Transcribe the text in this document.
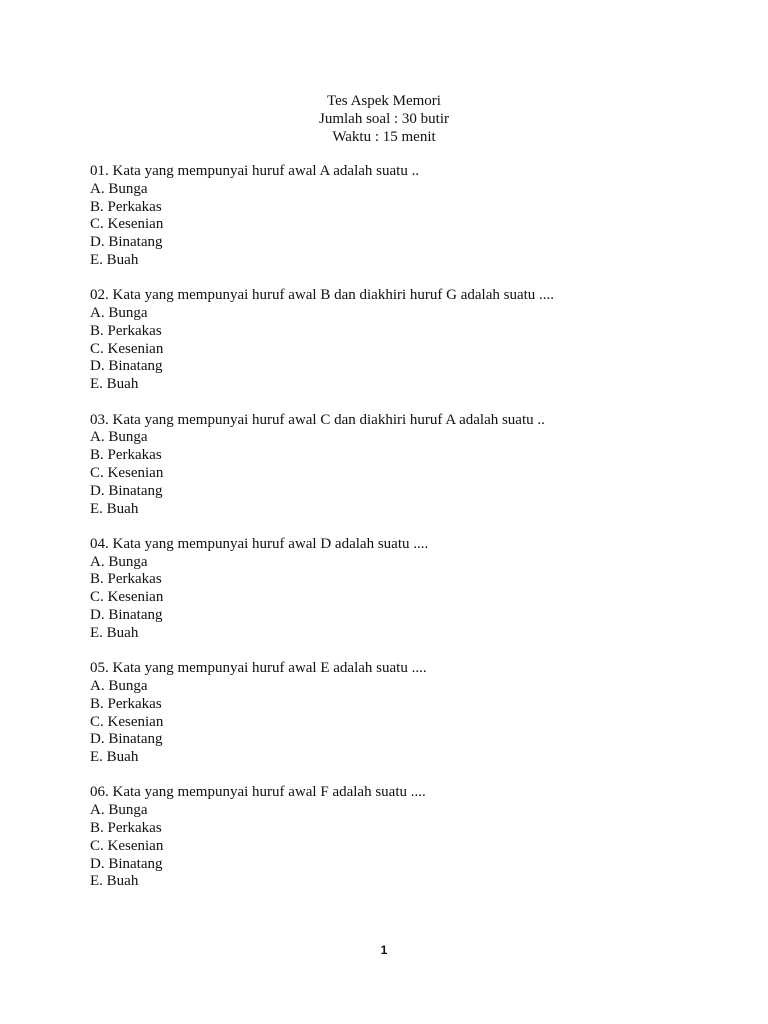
Tes Aspek Memori
Jumlah soal : 30 butir
Waktu : 15 menit
01. Kata yang mempunyai huruf awal A adalah suatu ..
A. Bunga
B. Perkakas
C. Kesenian
D. Binatang
E. Buah
02. Kata yang mempunyai huruf awal B dan diakhiri huruf G adalah suatu ....
A. Bunga
B. Perkakas
C. Kesenian
D. Binatang
E. Buah
03. Kata yang mempunyai huruf awal C dan diakhiri huruf A adalah suatu ..
A. Bunga
B. Perkakas
C. Kesenian
D. Binatang
E. Buah
04. Kata yang mempunyai huruf awal D adalah suatu ....
A. Bunga
B. Perkakas
C. Kesenian
D. Binatang
E. Buah
05. Kata yang mempunyai huruf awal E adalah suatu ....
A. Bunga
B. Perkakas
C. Kesenian
D. Binatang
E. Buah
06. Kata yang mempunyai huruf awal F adalah suatu ....
A. Bunga
B. Perkakas
C. Kesenian
D. Binatang
E. Buah
1
